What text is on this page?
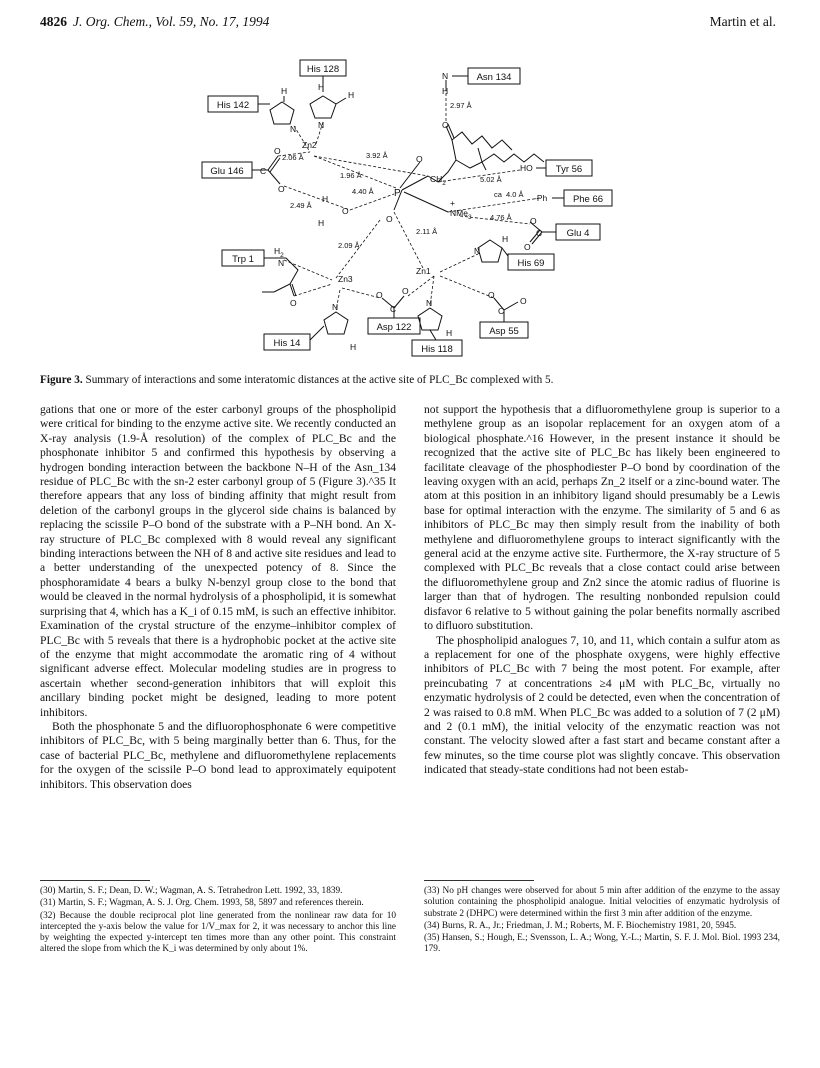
4826 J. Org. Chem., Vol. 59, No. 17, 1994	Martin et al.
His 128
His 142
Glu 146
Asn 134
Tyr 56
Phe 66
Glu 4
Trp 1	His 69
Asp 122	Asp 55
His 14
His 118
Zn2
Zn3
Zn1
P
$CH_2$
NMe$_3$
+	-Ph
HO
$H_2$
N
N
H
O
H
H
H
N	N
O
C
O
H
O
H
O
O
C
O
O
N
H
O
O O
C
N
H
O
O
C
N
H
2.97 Å
2.06 Å	3.92 Å
1.96 Å
4.40 Å
2.49 Å
5.02 Å
ca 4.0 Å
4.76 Å
2.11 Å
2.09 Å
Figure 3. Summary of interactions and some interatomic distances at the active site of PLC_Bc complexed with 5.

gations that one or more of the ester carbonyl groups of the phospholipid were critical for binding to the enzyme active site. We recently conducted an X-ray analysis (1.9-Å resolution) of the complex of PLC_Bc and the phosphonate inhibitor 5 and confirmed this hypothesis by observing a hydrogen bonding interaction between the backbone N–H of the Asn_134 residue of PLC_Bc with the sn-2 ester carbonyl group of 5 (Figure 3).^35 It therefore appears that any loss of binding affinity that might result from deletion of the carbonyl groups in the glycerol side chains is balanced by replacing the scissile P–O bond of the substrate with a P–NH bond. An X-ray structure of PLC_Bc complexed with 8 would reveal any significant binding interactions between the NH of 8 and active site residues and lead to a better understanding of the unexpected potency of 8. Since the phosphoramidate 4 bears a bulky N-benzyl group close to the bond that would be cleaved in the normal hydrolysis of a phospholipid, it is somewhat surprising that 4, which has a K_i of 0.15 mM, is such an effective inhibitor. Examination of the crystal structure of the enzyme–inhibitor complex of PLC_Bc with 5 reveals that there is a hydrophobic pocket at the active site of the enzyme that might accommodate the aromatic ring of 4 without significant adverse effect. Molecular modeling studies are in progress to ascertain whether second-generation inhibitors that will exploit this ancillary binding pocket might be designed, leading to more potent inhibitors.

Both the phosphonate 5 and the difluorophosphonate 6 were competitive inhibitors of PLC_Bc, with 5 being marginally better than 6. Thus, for the case of bacterial PLC_Bc, methylene and difluoromethylene replacements for the oxygen of the scissile P–O bond lead to approximately equipotent inhibitors. This observation does

not support the hypothesis that a difluoromethylene group is superior to a methylene group as an isopolar replacement for an oxygen atom of a biological phosphate.^16 However, in the present instance it should be recognized that the active site of PLC_Bc has likely been engineered to facilitate cleavage of the phosphodiester P–O bond by coordination of the leaving oxygen with an acid, perhaps Zn_2 itself or a zinc-bound water. The atom at this position in an inhibitory ligand should presumably be a Lewis base for optimal interaction with the enzyme. The similarity of 5 and 6 as inhibitors of PLC_Bc may then simply result from the inability of both methylene and difluoromethylene groups to interact significantly with the general acid at the enzyme active site. Furthermore, the X-ray structure of 5 complexed with PLC_Bc reveals that a close contact could arise between the difluoromethylene group and Zn2 since the atomic radius of fluorine is larger than that of hydrogen. The resulting nonbonded repulsion could disfavor 6 relative to 5 without gaining the polar benefits normally ascribed to difluoro substitution.

The phospholipid analogues 7, 10, and 11, which contain a sulfur atom as a replacement for one of the phosphate oxygens, were highly effective inhibitors of PLC_Bc with 7 being the most potent. For example, after preincubating 7 at concentrations ≥4 μM with PLC_Bc, virtually no enzymatic hydrolysis of 2 could be detected, even when the concentration of 2 was raised to 0.8 mM. When PLC_Bc was added to a solution of 7 (2 μM) and 2 (0.1 mM), the initial velocity of the enzymatic reaction was not constant. The velocity slowed after a fast start and became constant after a few minutes, so the time course plot was slightly concave. This observation indicated that steady-state conditions had not been estab-

(30) Martin, S. F.; Dean, D. W.; Wagman, A. S. Tetrahedron Lett. 1992, 33, 1839.

(31) Martin, S. F.; Wagman, A. S. J. Org. Chem. 1993, 58, 5897 and references therein.

(32) Because the double reciprocal plot line generated from the nonlinear raw data for 10 intercepted the y-axis below the value for 1/V_max for 2, it was necessary to anchor this line by weighting the expected y-intercept ten times more than any other point. This constraint altered the slope from which the K_i was determined by only about 1%.

(33) No pH changes were observed for about 5 min after addition of the enzyme to the assay solution containing the phospholipid analogue. Initial velocities of enzymatic hydrolysis of substrate 2 (DHPC) were determined within the first 3 min after addition of the enzyme.

(34) Burns, R. A., Jr.; Friedman, J. M.; Roberts, M. F. Biochemistry 1981, 20, 5945.

(35) Hansen, S.; Hough, E.; Svensson, L. A.; Wong, Y.-L.; Martin, S. F. J. Mol. Biol. 1993 234, 179.
